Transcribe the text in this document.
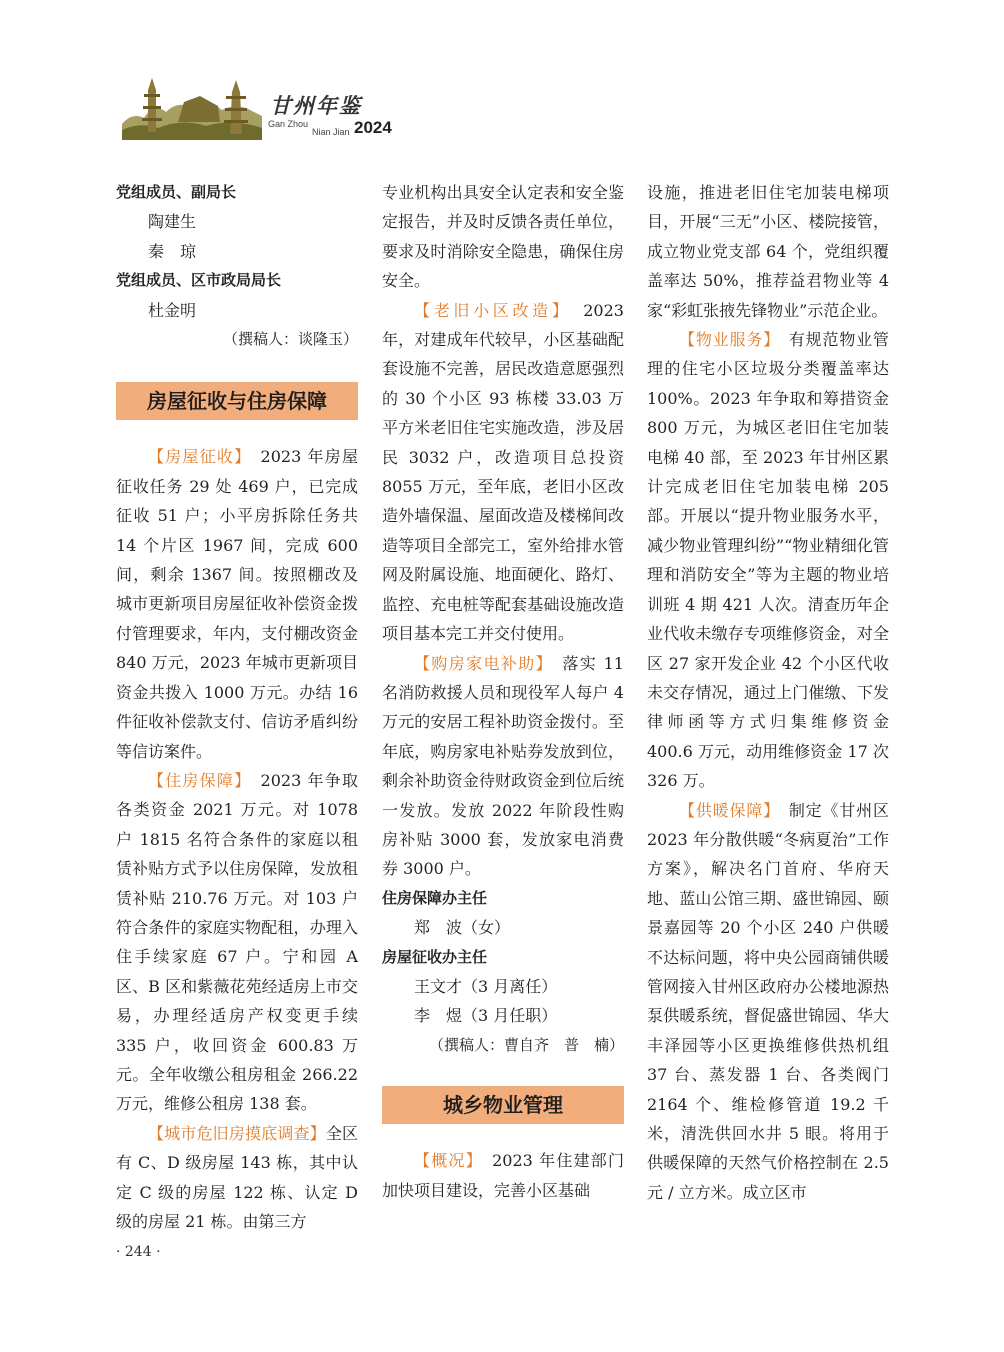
甘州年鉴
Gan Zhou
Nian Jian 2024

党组成员、副局长

陶建生

秦　琼

党组成员、区市政局局长

杜金明

（撰稿人：谈隆玉）

房屋征收与住房保障

【房屋征收】　2023 年房屋征收任务 29 处 469 户，已完成征收 51 户；小平房拆除任务共 14 个片区 1967 间，完成 600 间，剩余 1367 间。按照棚改及城市更新项目房屋征收补偿资金拨付管理要求，年内，支付棚改资金 840 万元，2023 年城市更新项目资金共拨入 1000 万元。办结 16 件征收补偿款支付、信访矛盾纠纷等信访案件。

【住房保障】　2023 年争取各类资金 2021 万元。对 1078 户 1815 名符合条件的家庭以租赁补贴方式予以住房保障，发放租赁补贴 210.76 万元。对 103 户符合条件的家庭实物配租，办理入住手续家庭 67 户。宁和园 A 区、B 区和紫薇花苑经适房上市交易，办理经适房产权变更手续 335 户，收回资金 600.83 万元。全年收缴公租房租金 266.22 万元，维修公租房 138 套。

【城市危旧房摸底调查】全区有 C、D 级房屋 143 栋，其中认定 C 级的房屋 122 栋、认定 D 级的房屋 21 栋。由第三方

专业机构出具安全认定表和安全鉴定报告，并及时反馈各责任单位，要求及时消除安全隐患，确保住房安全。

【老旧小区改造】　2023 年，对建成年代较早，小区基础配套设施不完善，居民改造意愿强烈的 30 个小区 93 栋楼 33.03 万平方米老旧住宅实施改造，涉及居民 3032 户，改造项目总投资 8055 万元，至年底，老旧小区改造外墙保温、屋面改造及楼梯间改造等项目全部完工，室外给排水管网及附属设施、地面硬化、路灯、监控、充电桩等配套基础设施改造项目基本完工并交付使用。

【购房家电补助】　落实 11 名消防救援人员和现役军人每户 4 万元的安居工程补助资金拨付。至年底，购房家电补贴券发放到位，剩余补助资金待财政资金到位后统一发放。发放 2022 年阶段性购房补贴 3000 套，发放家电消费券 3000 户。

住房保障办主任

郑　波（女）

房屋征收办主任

王文才（3 月离任）

李　煜（3 月任职）

（撰稿人：曹自齐　普　楠）

城乡物业管理

【概况】　2023 年住建部门加快项目建设，完善小区基础

设施，推进老旧住宅加装电梯项目，开展“三无”小区、楼院接管，成立物业党支部 64 个，党组织覆盖率达 50%，推荐益君物业等 4 家“彩虹张掖先锋物业”示范企业。

【物业服务】　有规范物业管理的住宅小区垃圾分类覆盖率达 100%。2023 年争取和筹措资金 800 万元，为城区老旧住宅加装电梯 40 部，至 2023 年甘州区累计完成老旧住宅加装电梯 205 部。开展以“提升物业服务水平，减少物业管理纠纷”“物业精细化管理和消防安全”等为主题的物业培训班 4 期 421 人次。清查历年企业代收未缴存专项维修资金，对全区 27 家开发企业 42 个小区代收未交存情况，通过上门催缴、下发律师函等方式归集维修资金 400.6 万元，动用维修资金 17 次 326 万。

【供暖保障】　制定《甘州区 2023 年分散供暖“冬病夏治”工作方案》，解决名门首府、华府天地、蓝山公馆三期、盛世锦园、颐景嘉园等 20 个小区 240 户供暖不达标问题，将中央公园商铺供暖管网接入甘州区政府办公楼地源热泵供暖系统，督促盛世锦园、华大丰泽园等小区更换维修供热机组 37 台、蒸发器 1 台、各类阀门 2164 个、维检修管道 19.2 千米，清洗供回水井 5 眼。将用于供暖保障的天然气价格控制在 2.5 元 / 立方米。成立区市

· 244 ·
